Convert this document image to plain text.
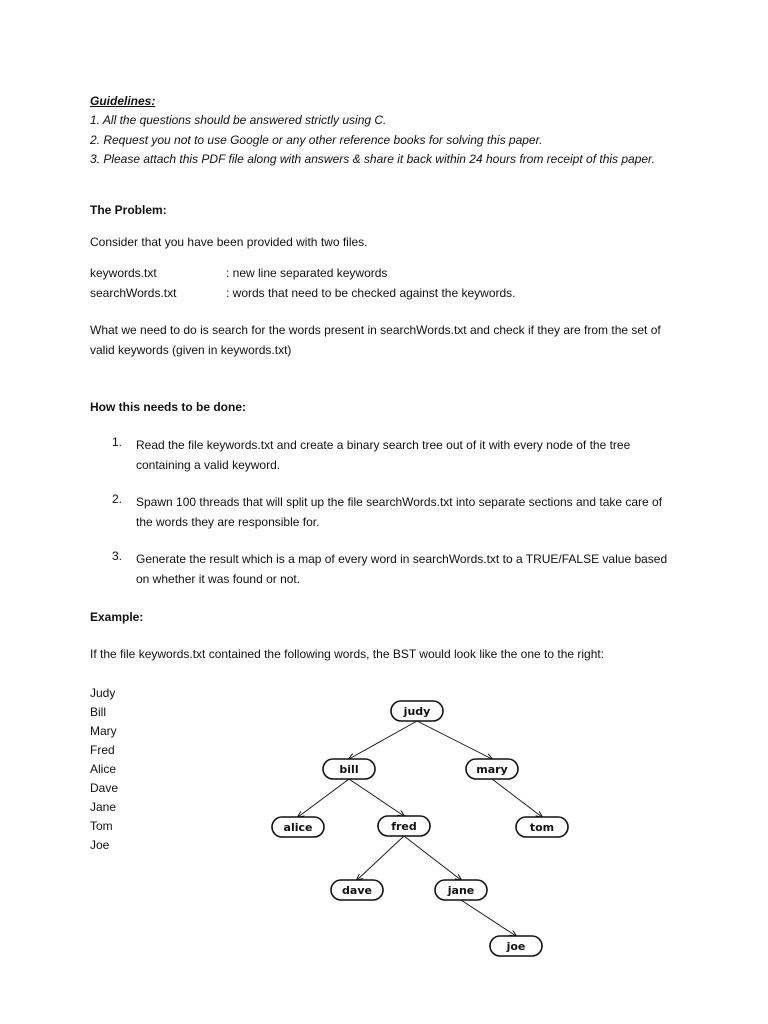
Guidelines:

1. All the questions should be answered strictly using C.

2. Request you not to use Google or any other reference books for solving this paper.

3. Please attach this PDF file along with answers & share it back within 24 hours from receipt of this paper.

The Problem:

Consider that you have been provided with two files.

keywords.txt	: new line separated keywords

searchWords.txt	: words that need to be checked against the keywords.

What we need to do is search for the words present in searchWords.txt and check if they are from the set of valid keywords (given in keywords.txt)

How this needs to be done:

1. Read the file keywords.txt and create a binary search tree out of it with every node of the tree containing a valid keyword.

2. Spawn 100 threads that will split up the file searchWords.txt into separate sections and take care of the words they are responsible for.

3. Generate the result which is a map of every word in searchWords.txt to a TRUE/FALSE value based on whether it was found or not.

Example:

If the file keywords.txt contained the following words, the BST would look like the one to the right:

Judy

Bill

Mary

Fred

Alice

Dave

Jane

Tom

Joe

judy
bill	mary
alice	fred	tom
dave	jane
joe
